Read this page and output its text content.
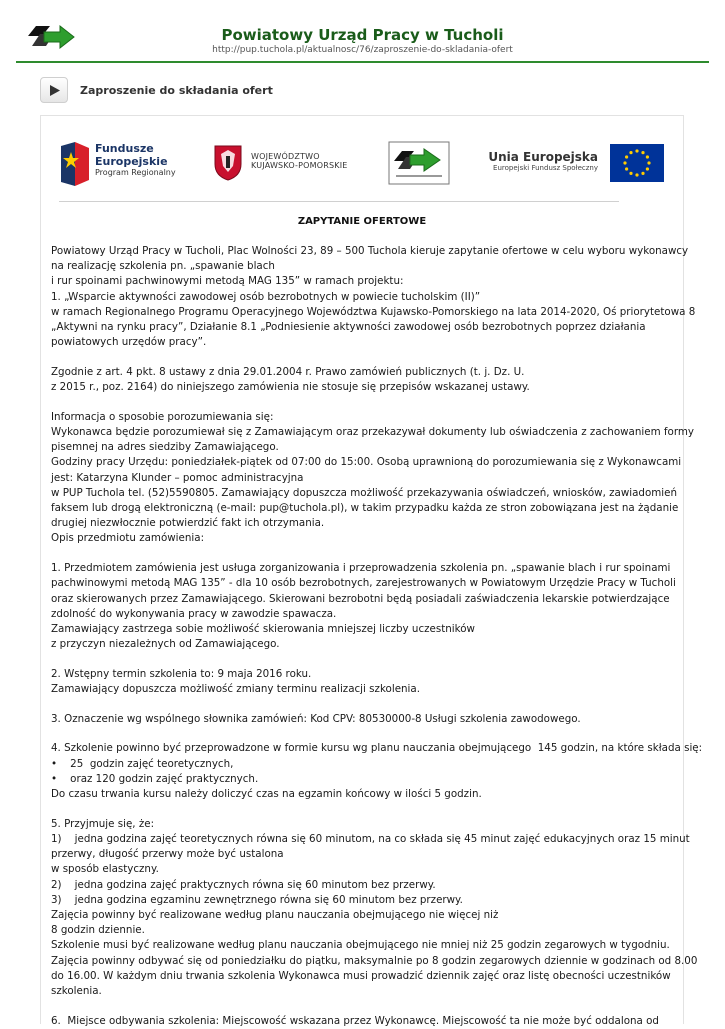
Powiatowy Urząd Pracy w Tucholi
http://pup.tuchola.pl/aktualnosc/76/zaproszenie-do-skladania-ofert
Zaproszenie do składania ofert
Fundusze
Europejskie
Program Regionalny
WOJEWÓDZTWO
KUJAWSKO-POMORSKIE
Unia Europejska
Europejski Fundusz Społeczny
ZAPYTANIE OFERTOWE

Powiatowy Urząd Pracy w Tucholi, Plac Wolności 23, 89 – 500 Tuchola kieruje zapytanie ofertowe w celu wyboru wykonawcy

na realizację szkolenia pn. „spawanie blach

i rur spoinami pachwinowymi metodą MAG 135” w ramach projektu:

1. „Wsparcie aktywności zawodowej osób bezrobotnych w powiecie tucholskim (II)”

w ramach Regionalnego Programu Operacyjnego Województwa Kujawsko-Pomorskiego na lata 2014-2020, Oś priorytetowa 8

„Aktywni na rynku pracy”, Działanie 8.1 „Podniesienie aktywności zawodowej osób bezrobotnych poprzez działania

powiatowych urzędów pracy”.

Zgodnie z art. 4 pkt. 8 ustawy z dnia 29.01.2004 r. Prawo zamówień publicznych (t. j. Dz. U.

z 2015 r., poz. 2164) do niniejszego zamówienia nie stosuje się przepisów wskazanej ustawy.

Informacja o sposobie porozumiewania się:

Wykonawca będzie porozumiewał się z Zamawiającym oraz przekazywał dokumenty lub oświadczenia z zachowaniem formy

pisemnej na adres siedziby Zamawiającego.

Godziny pracy Urzędu: poniedziałek-piątek od 07:00 do 15:00. Osobą uprawnioną do porozumiewania się z Wykonawcami

jest: Katarzyna Klunder – pomoc administracyjna

w PUP Tuchola tel. (52)5590805. Zamawiający dopuszcza możliwość przekazywania oświadczeń, wniosków, zawiadomień

faksem lub drogą elektroniczną (e-mail: pup@tuchola.pl), w takim przypadku każda ze stron zobowiązana jest na żądanie

drugiej niezwłocznie potwierdzić fakt ich otrzymania.

Opis przedmiotu zamówienia:

1. Przedmiotem zamówienia jest usługa zorganizowania i przeprowadzenia szkolenia pn. „spawanie blach i rur spoinami

pachwinowymi metodą MAG 135” - dla 10 osób bezrobotnych, zarejestrowanych w Powiatowym Urzędzie Pracy w Tucholi

oraz skierowanych przez Zamawiającego. Skierowani bezrobotni będą posiadali zaświadczenia lekarskie potwierdzające

zdolność do wykonywania pracy w zawodzie spawacza.

Zamawiający zastrzega sobie możliwość skierowania mniejszej liczby uczestników

z przyczyn niezależnych od Zamawiającego.

2. Wstępny termin szkolenia to: 9 maja 2016 roku.

Zamawiający dopuszcza możliwość zmiany terminu realizacji szkolenia.

3. Oznaczenie wg wspólnego słownika zamówień: Kod CPV: 80530000-8 Usługi szkolenia zawodowego.

4. Szkolenie powinno być przeprowadzone w formie kursu wg planu nauczania obejmującego  145 godzin, na które składa się:

•    25  godzin zajęć teoretycznych,

•    oraz 120 godzin zajęć praktycznych.

Do czasu trwania kursu należy doliczyć czas na egzamin końcowy w ilości 5 godzin.

5. Przyjmuje się, że:

1)    jedna godzina zajęć teoretycznych równa się 60 minutom, na co składa się 45 minut zajęć edukacyjnych oraz 15 minut

przerwy, długość przerwy może być ustalona

w sposób elastyczny.

2)    jedna godzina zajęć praktycznych równa się 60 minutom bez przerwy.

3)    jedna godzina egzaminu zewnętrznego równa się 60 minutom bez przerwy.

Zajęcia powinny być realizowane według planu nauczania obejmującego nie więcej niż

8 godzin dziennie.

Szkolenie musi być realizowane według planu nauczania obejmującego nie mniej niż 25 godzin zegarowych w tygodniu.

Zajęcia powinny odbywać się od poniedziałku do piątku, maksymalnie po 8 godzin zegarowych dziennie w godzinach od 8.00

do 16.00. W każdym dniu trwania szkolenia Wykonawca musi prowadzić dziennik zajęć oraz listę obecności uczestników

szkolenia.

6.  Miejsce odbywania szkolenia: Miejscowość wskazana przez Wykonawcę. Miejscowość ta nie może być oddalona od
